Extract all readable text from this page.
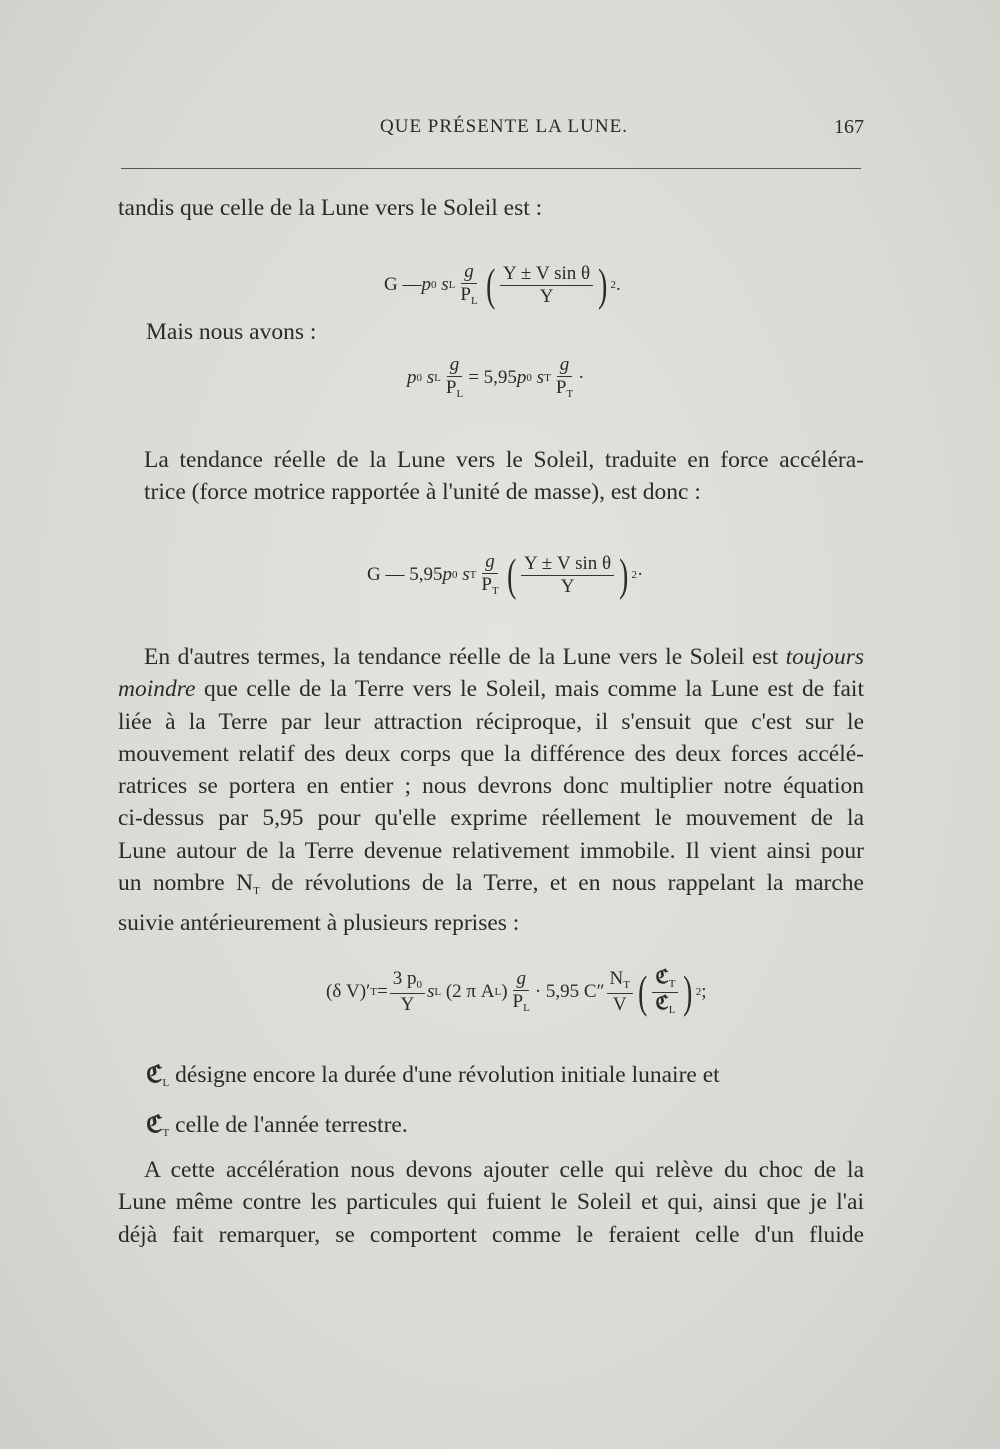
QUE PRÉSENTE LA LUNE.	167
tandis que celle de la Lune vers le Soleil est :
G — p 0
s L $\frac{g}{P_L}$ ( $\frac{\text{Υ ± V sin θ}}{\Upsilon}$ ) 2 .
Mais nous avons :
p 0
s L $\frac{g}{P_L} = 5,95$ p 0
s T $\frac{g}{P_T}$ ·
La tendance réelle de la Lune vers le Soleil, traduite en force accéléra-
trice (force motrice rapportée à l'unité de masse), est donc :
G — 5,95 p 0
s T $\frac{g}{P_T}$ ( $\frac{\text{Υ ± V sin θ}}{\Upsilon}$ ) 2 ·
En d'autres termes, la tendance réelle de la Lune vers le Soleil est toujours
moindre que celle de la Terre vers le Soleil, mais comme la Lune est de fait
liée à la Terre par leur attraction réciproque, il s'ensuit que c'est sur le
mouvement relatif des deux corps que la différence des deux forces accélé-
ratrices se portera en entier ; nous devrons donc multiplier notre équation
ci-dessus par 5,95 pour qu'elle exprime réellement le mouvement de la
Lune autour de la Terre devenue relativement immobile. Il vient ainsi pour
un nombre $N_T$ de révolutions de la Terre, et en nous rappelant la marche
suivie antérieurement à plusieurs reprises :
(δ V)′ $T = \frac{3 p_0}{\Upsilon}$ s L
(2 π A L ) $\frac{g}{P_L} \cdot 5,95$ $C'' \frac{N_T}{V}$ ( $\frac{ℭ_T}{ℭ_L}$ ) 2 ;
ℭ$_L$ désigne encore la durée d'une révolution initiale lunaire et
ℭ$_T$ celle de l'année terrestre.
A cette accélération nous devons ajouter celle qui relève du choc de la
Lune même contre les particules qui fuient le Soleil et qui, ainsi que je l'ai
déjà fait remarquer, se comportent comme le feraient celle d'un fluide
